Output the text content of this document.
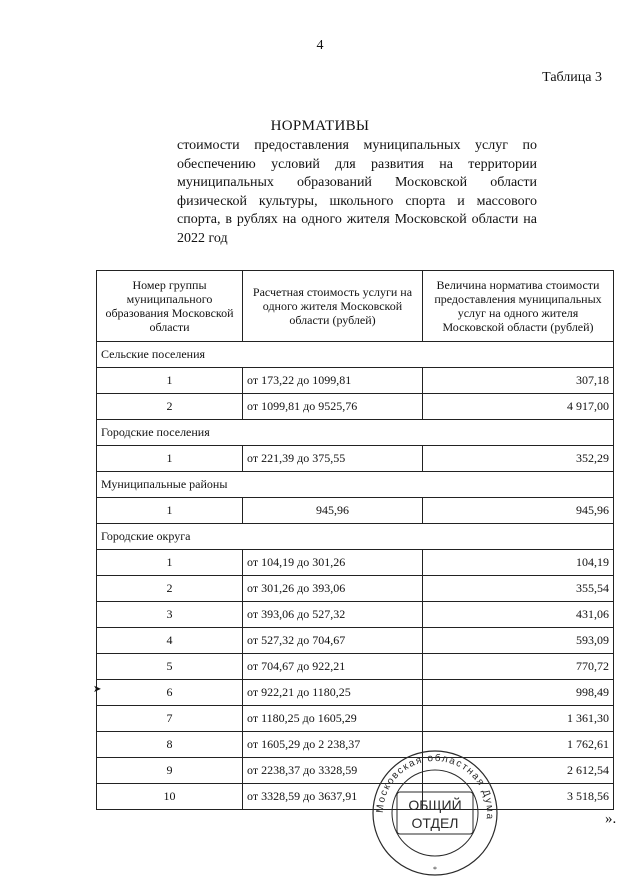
4
Таблица 3
НОРМАТИВЫ
стоимости предоставления муниципальных услуг по обеспечению условий для развития на территории муниципальных образований Московской области физической культуры, школьного спорта и массового спорта, в рублях на одного жителя Московской области на 2022 год
Номер группы муниципального образования Московской области	Расчетная стоимость услуги на одного жителя Московской области (рублей)	Величина норматива стоимости предоставления муниципальных услуг на одного жителя Московской области (рублей)
Сельские поселения		
1	от 173,22 до 1099,81	307,18
2	от 1099,81 до 9525,76	4 917,00
Городские поселения		
1	от 221,39 до 375,55	352,29
Муниципальные районы		
1	945,96	945,96
Городские округа		
1	от 104,19 до 301,26	104,19
2	от 301,26 до 393,06	355,54
3	от 393,06 до 527,32	431,06
4	от 527,32 до 704,67	593,09
5	от 704,67 до 922,21	770,72
6	от 922,21 до 1180,25	998,49
7	от 1180,25 до 1605,29	1 361,30
8	от 1605,29 до 2 238,37	1 762,61
9	от 2238,37 до 3328,59	2 612,54
10	от 3328,59 до 3637,91	3 518,56
».
➤
Московская областная Дума
ОБЩИЙ
ОТДЕЛ
*
